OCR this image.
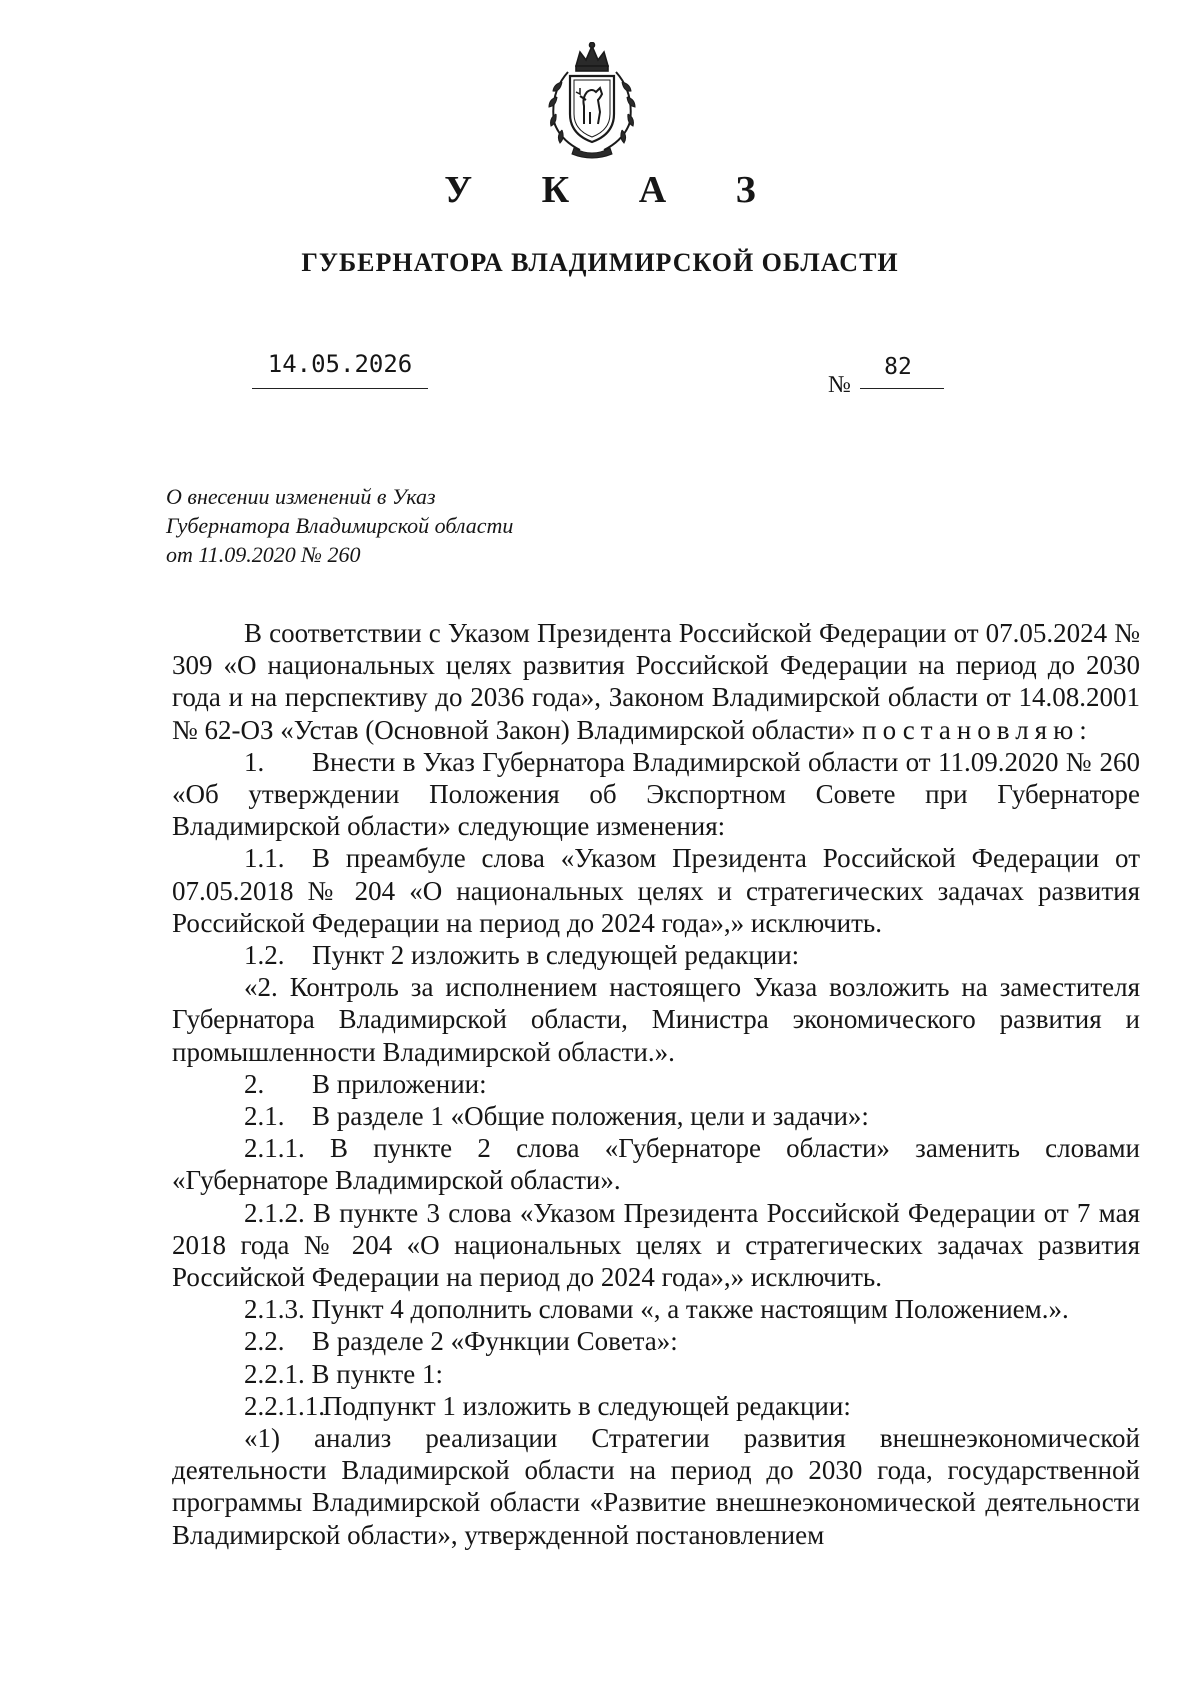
У К А З
ГУБЕРНАТОРА ВЛАДИМИРСКОЙ ОБЛАСТИ
14.05.2026
№
82
О внесении изменений в Указ
Губернатора Владимирской области
от 11.09.2020 № 260

В соответствии с Указом Президента Российской Федерации от 07.05.2024 № 309 «О национальных целях развития Российской Федерации на период до 2030 года и на перспективу до 2036 года», Законом Владимирской области от 14.08.2001 № 62-ОЗ «Устав (Основной Закон) Владимирской области» постановляю:

1. Внести в Указ Губернатора Владимирской области от 11.09.2020 № 260 «Об утверждении Положения об Экспортном Совете при Губернаторе Владимирской области» следующие изменения:

1.1. В преамбуле слова «Указом Президента Российской Федерации от 07.05.2018 № 204 «О национальных целях и стратегических задачах развития Российской Федерации на период до 2024 года»,» исключить.

1.2. Пункт 2 изложить в следующей редакции:

«2. Контроль за исполнением настоящего Указа возложить на заместителя Губернатора Владимирской области, Министра экономического развития и промышленности Владимирской области.».

2. В приложении:

2.1. В разделе 1 «Общие положения, цели и задачи»:

2.1.1. В пункте 2 слова «Губернаторе области» заменить словами «Губернаторе Владимирской области».

2.1.2. В пункте 3 слова «Указом Президента Российской Федерации от 7 мая 2018 года № 204 «О национальных целях и стратегических задачах развития Российской Федерации на период до 2024 года»,» исключить.

2.1.3. Пункт 4 дополнить словами «, а также настоящим Положением.».

2.2. В разделе 2 «Функции Совета»:

2.2.1. В пункте 1:

2.2.1.1. Подпункт 1 изложить в следующей редакции:

«1) анализ реализации Стратегии развития внешнеэкономической деятельности Владимирской области на период до 2030 года, государственной программы Владимирской области «Развитие внешнеэкономической деятельности Владимирской области», утвержденной постановлением
